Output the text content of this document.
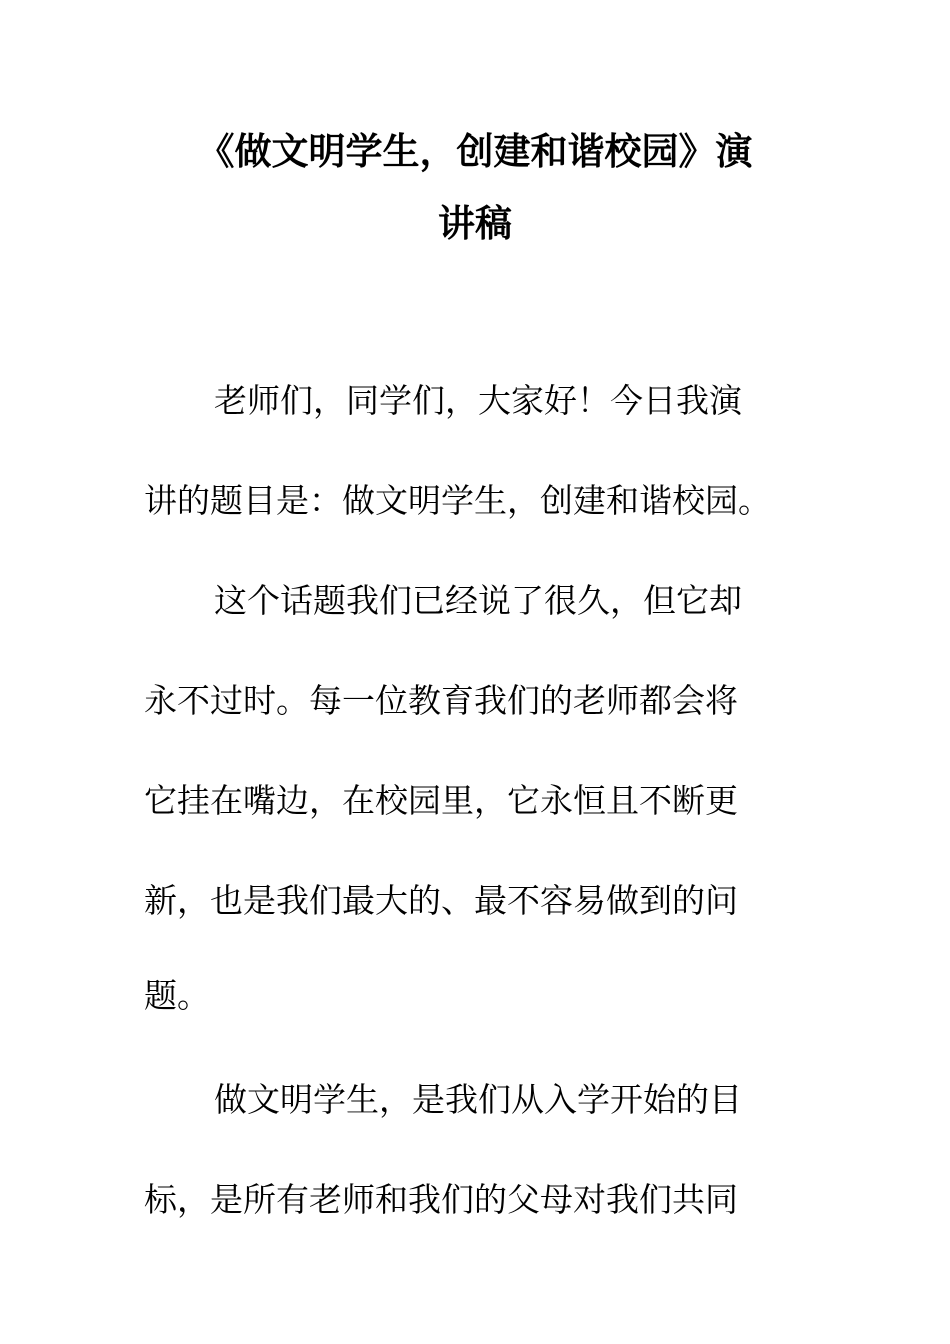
《做文明学生，创建和谐校园》演
讲稿

老师们，同学们，大家好！今日我演

讲的题目是：做文明学生，创建和谐校园。

这个话题我们已经说了很久，但它却

永不过时。每一位教育我们的老师都会将

它挂在嘴边，在校园里，它永恒且不断更

新，也是我们最大的、最不容易做到的问

题。

做文明学生，是我们从入学开始的目

标，是所有老师和我们的父母对我们共同
